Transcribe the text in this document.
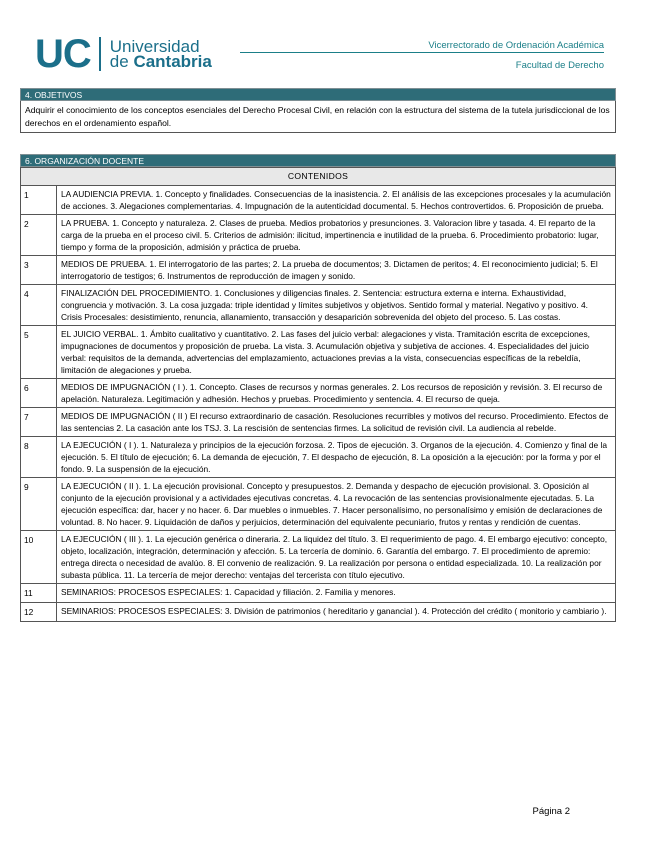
UC Universidad
de Cantabria
Vicerrectorado de Ordenación Académica
Facultad de Derecho
4. OBJETIVOS
Adquirir el conocimiento de los conceptos esenciales del Derecho Procesal Civil, en relación con la estructura del sistema de la tutela jurisdiccional de los derechos en el ordenamiento español.
6. ORGANIZACIÓN DOCENTE
CONTENIDOS	
1	LA AUDIENCIA PREVIA. 1. Concepto y finalidades. Consecuencias de la inasistencia. 2. El análisis de las excepciones procesales y la acumulación de acciones. 3. Alegaciones complementarias. 4. Impugnación de la autenticidad documental. 5. Hechos controvertidos. 6. Proposición de prueba.
2	LA PRUEBA. 1. Concepto y naturaleza. 2. Clases de prueba. Medios probatorios y presunciones. 3. Valoracion libre y tasada. 4. El reparto de la carga de la prueba en el proceso civil. 5. Criterios de admisión: ilicitud, impertinencia e inutilidad de la prueba. 6. Procedimiento probatorio: lugar, tiempo y forma de la proposición, admisión y práctica de prueba.
3	MEDIOS DE PRUEBA. 1. El interrogatorio de las partes; 2. La prueba de documentos; 3. Dictamen de peritos; 4. El reconocimiento judicial; 5. El interrogatorio de testigos; 6. Instrumentos de reproducción de imagen y sonido.
4	FINALIZACIÓN DEL PROCEDIMIENTO. 1. Conclusiones y diligencias finales. 2. Sentencia: estructura externa e interna. Exhaustividad, congruencia y motivación. 3. La cosa juzgada: triple identidad y límites subjetivos y objetivos. Sentido formal y material. Negativo y positivo. 4. Crisis Procesales: desistimiento, renuncia, allanamiento, transacción y desaparición sobrevenida del objeto del proceso. 5. Las costas.
5	EL JUICIO VERBAL. 1. Ámbito cualitativo y cuantitativo. 2. Las fases del juicio verbal: alegaciones y vista. Tramitación escrita de excepciones, impugnaciones de documentos y proposición de prueba. La vista. 3. Acumulación objetiva y subjetiva de acciones. 4. Especialidades del juicio verbal: requisitos de la demanda, advertencias del emplazamiento, actuaciones previas a la vista, consecuencias específicas de la rebeldía, limitación de alegaciones y prueba.
6	MEDIOS DE IMPUGNACIÓN ( I ). 1. Concepto. Clases de recursos y normas generales. 2. Los recursos de reposición y revisión. 3. El recurso de apelación. Naturaleza. Legitimación y adhesión. Hechos y pruebas. Procedimiento y sentencia. 4. El recurso de queja.
7	MEDIOS DE IMPUGNACIÓN ( II ) El recurso extraordinario de casación. Resoluciones recurribles y motivos del recurso. Procedimiento. Efectos de las sentencias 2. La casación ante los TSJ. 3. La rescisión de sentencias firmes. La solicitud de revisión civil. La audiencia al rebelde.
8	LA EJECUCIÓN ( I ). 1. Naturaleza y principios de la ejecución forzosa. 2. Tipos de ejecución. 3. Organos de la ejecución. 4. Comienzo y final de la ejecución. 5. El título de ejecución; 6. La demanda de ejecución, 7. El despacho de ejecución, 8. La oposición a la ejecución: por la forma y por el fondo. 9. La suspensión de la ejecución.
9	LA EJECUCIÓN ( II ). 1. La ejecución provisional. Concepto y presupuestos. 2. Demanda y despacho de ejecución provisional. 3. Oposición al conjunto de la ejecución provisional y a actividades ejecutivas concretas. 4. La revocación de las sentencias provisionalmente ejecutadas. 5. La ejecución específica: dar, hacer y no hacer. 6. Dar muebles o inmuebles. 7. Hacer personalísimo, no personalísimo y emisión de declaraciones de voluntad. 8. No hacer. 9. Liquidación de daños y perjuicios, determinación del equivalente pecuniario, frutos y rentas y rendición de cuentas.
10	LA EJECUCIÓN ( III ). 1. La ejecución genérica o dineraria. 2. La liquidez del título. 3. El requerimiento de pago. 4. El embargo ejecutivo: concepto, objeto, localización, integración, determinación y afección. 5. La tercería de dominio. 6. Garantía del embargo. 7. El procedimiento de apremio: entrega directa o necesidad de avalúo. 8. El convenio de realización. 9. La realización por persona o entidad especializada. 10. La realización por subasta pública. 11. La tercería de mejor derecho: ventajas del tercerista con título ejecutivo.
11	SEMINARIOS: PROCESOS ESPECIALES: 1. Capacidad y filiación. 2. Familia y menores.
12	SEMINARIOS: PROCESOS ESPECIALES: 3. División de patrimonios ( hereditario y ganancial ). 4. Protección del crédito ( monitorio y cambiario ).
Página 2
